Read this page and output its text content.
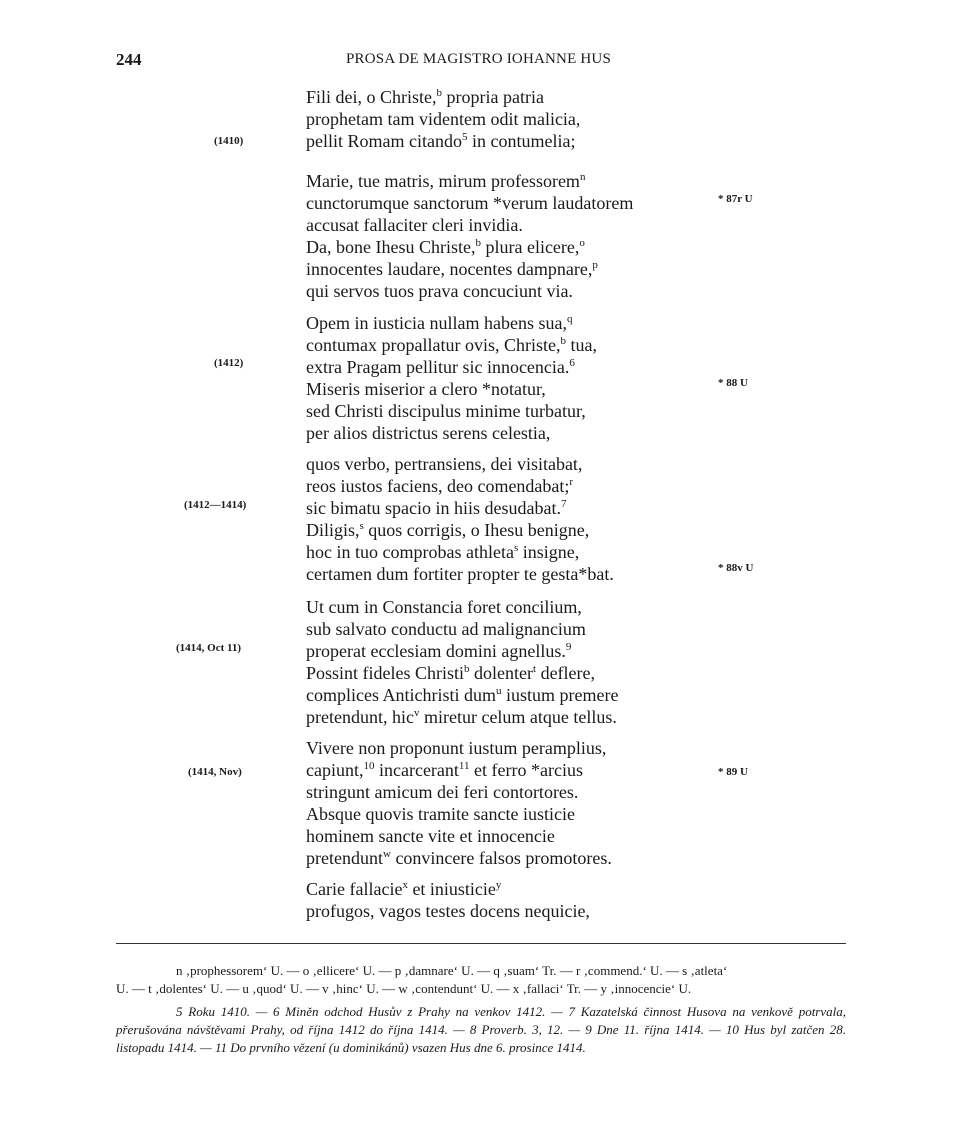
244	PROSA DE MAGISTRO IOHANNE HUS
Fili dei, o Christe,$^b$ propria patria
prophetam tam videntem odit malicia,
pellit Romam citando$^5$ in contumelia;
(1410)
Marie, tue matris, mirum professorem$^n$
cunctorumque sanctorum *verum laudatorem
accusat fallaciter cleri invidia.
Da, bone Ihesu Christe,$^b$ plura elicere,$^o$
innocentes laudare, nocentes dampnare,$^p$
qui servos tuos prava concuciunt via.
* 87r U
Opem in iusticia nullam habens sua,$^q$
contumax propallatur ovis, Christe,$^b$ tua,
extra Pragam pellitur sic innocencia.$^6$
Miseris miserior a clero *notatur,
sed Christi discipulus minime turbatur,
per alios districtus serens celestia,
(1412)
* 88 U
quos verbo, pertransiens, dei visitabat,
reos iustos faciens, deo comendabat;$^r$
sic bimatu spacio in hiis desudabat.$^7$
Diligis,$^s$ quos corrigis, o Ihesu benigne,
hoc in tuo comprobas athleta$^s$ insigne,
certamen dum fortiter propter te gesta*bat.
(1412—1414)
* 88v U
Ut cum in Constancia foret concilium,
sub salvato conductu ad malignancium
properat ecclesiam domini agnellus.$^9$
Possint fideles Christi$^b$ dolenter$^t$ deflere,
complices Antichristi dum$^u$ iustum premere
pretendunt, hic$^v$ miretur celum atque tellus.
(1414, Oct 11)
Vivere non proponunt iustum peramplius,
capiunt,$^{10}$ incarcerant$^{11}$ et ferro *arcius
stringunt amicum dei feri contortores.
Absque quovis tramite sancte iusticie
hominem sancte vite et innocencie
pretendunt$^w$ convincere falsos promotores.
(1414, Nov)	* 89 U
Carie fallacie$^x$ et iniusticie$^y$
profugos, vagos testes docens nequicie,
n ‚prophessorem‘ U. — o ‚ellicere‘ U. — p ‚damnare‘ U. — q ‚suam‘ Tr. — r ‚commend.‘ U. — s ‚atleta‘
U. — t ‚dolentes‘ U. — u ‚quod‘ U. — v ‚hinc‘ U. — w ‚contendunt‘ U. — x ‚fallaci‘ Tr. — y ‚innocencie‘ U.
5 Roku 1410. — 6 Miněn odchod Husův z Prahy na venkov 1412. — 7 Kazatelská činnost Husova na venkově potrvala, přerušována návštěvami Prahy, od října 1412 do října 1414. — 8 Proverb. 3, 12. — 9 Dne 11. října 1414. — 10 Hus byl zatčen 28. listopadu 1414. — 11 Do prvního vězení (u dominikánů) vsazen Hus dne 6. prosince 1414.
